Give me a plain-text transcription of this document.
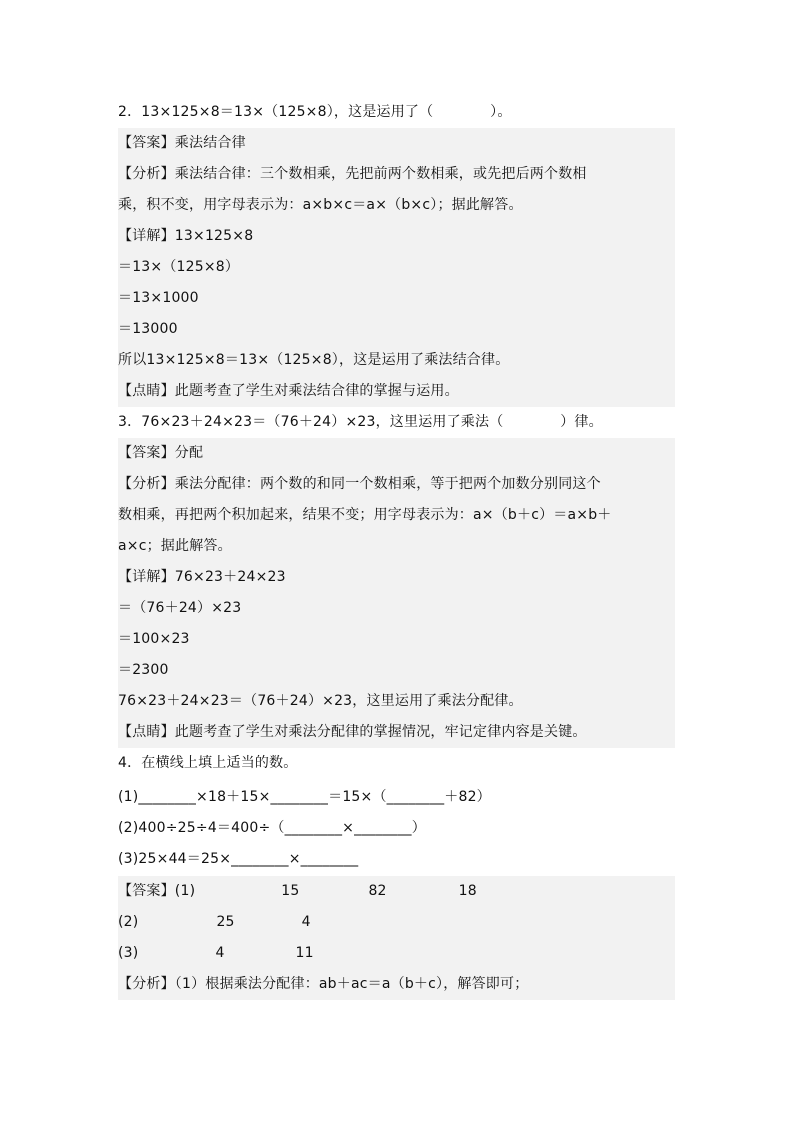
2．13×125×8＝13×（125×8），这是运用了（　　　　）。
【答案】乘法结合律
【分析】乘法结合律：三个数相乘，先把前两个数相乘，或先把后两个数相
乘，积不变，用字母表示为：a×b×c＝a×（b×c）；据此解答。
【详解】13×125×8
＝13×（125×8）
＝13×1000
＝13000
所以13×125×8＝13×（125×8），这是运用了乘法结合律。
【点睛】此题考查了学生对乘法结合律的掌握与运用。
3．76×23＋24×23＝（76＋24）×23，这里运用了乘法（　　　　）律。
【答案】分配
【分析】乘法分配律：两个数的和同一个数相乘，等于把两个加数分别同这个
数相乘，再把两个积加起来，结果不变；用字母表示为：a×（b＋c）＝a×b＋
a×c；据此解答。
【详解】76×23＋24×23
＝（76＋24）×23
＝100×23
＝2300
76×23＋24×23＝（76＋24）×23，这里运用了乘法分配律。
【点睛】此题考查了学生对乘法分配律的掌握情况，牢记定律内容是关键。
4．在横线上填上适当的数。
(1)________×18＋15×________＝15×（________＋82）
(2)400÷25÷4＝400÷（________×________）
(3)25×44＝25×________×________
【答案】(1)	15	82	18
(2)	25	4
(3)	4	11
【分析】（1）根据乘法分配律：ab＋ac＝a（b＋c），解答即可；
